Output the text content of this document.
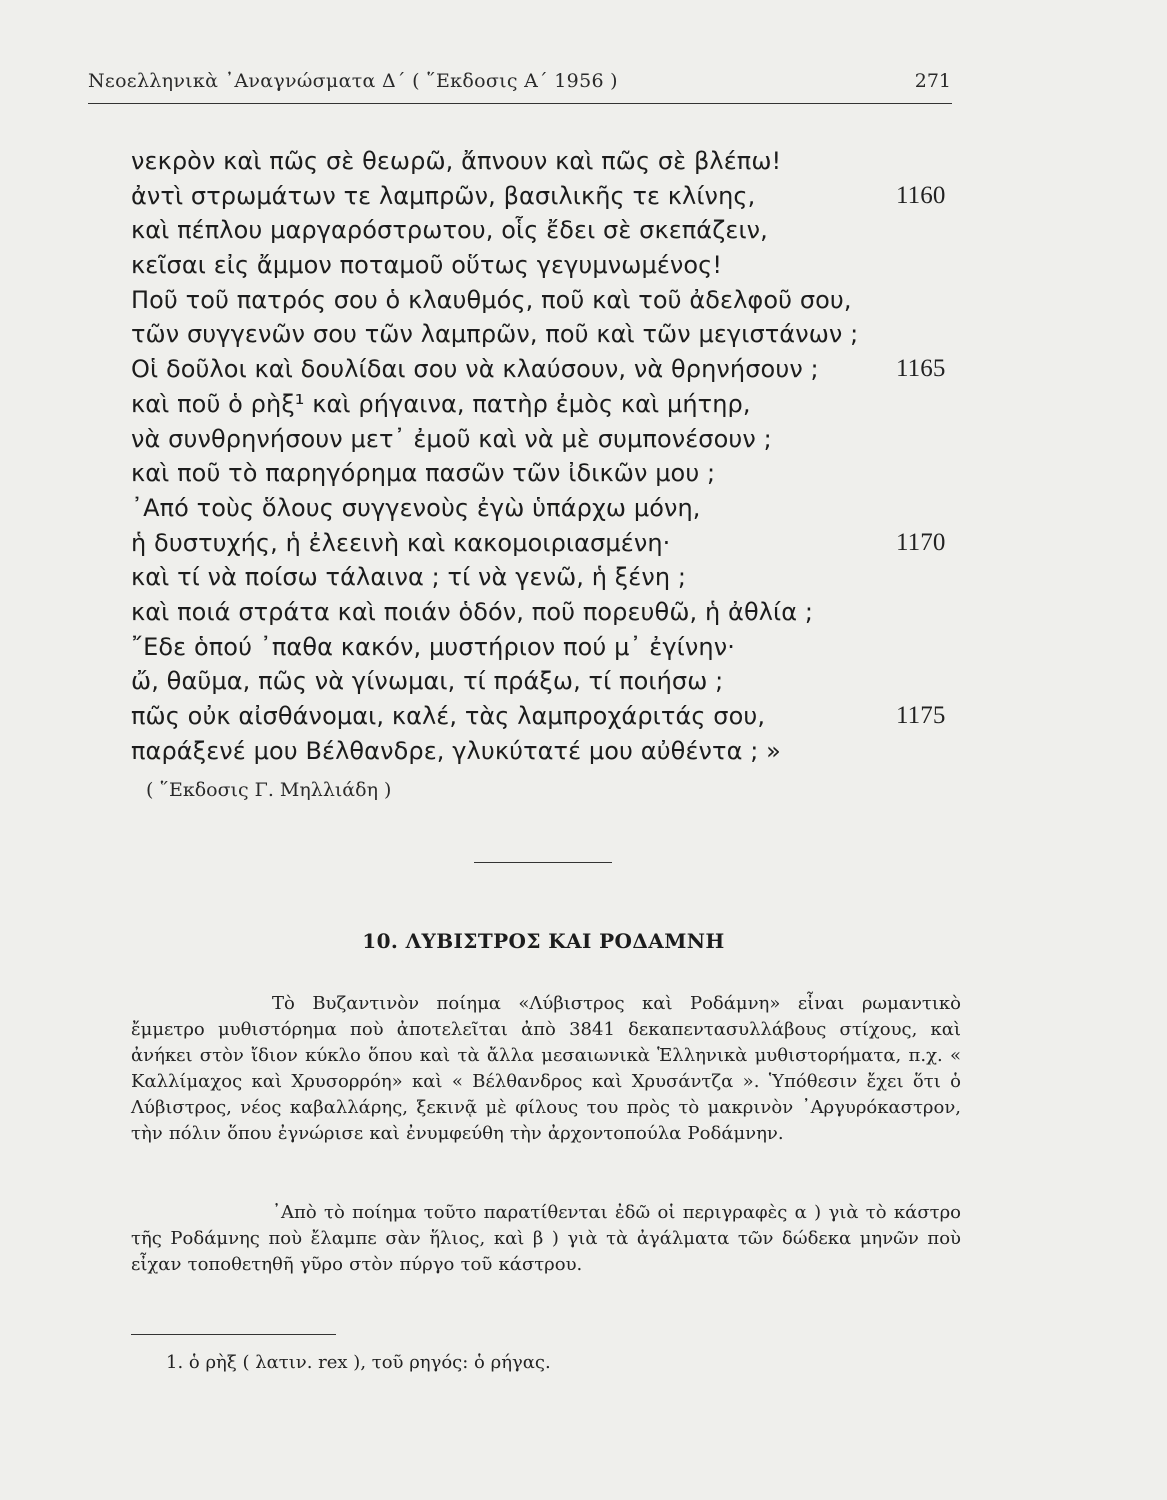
Νεοελληνικὰ ᾿Αναγνώσματα Δ΄ ( ῞Εκδοσις Α΄ 1956 )	271
νεκρὸν καὶ πῶς σὲ θεωρῶ, ἄπνουν καὶ πῶς σὲ βλέπω!
ἀντὶ στρωμάτων τε λαμπρῶν, βασιλικῆς τε κλίνης,	1160
καὶ πέπλου μαργαρόστρωτου, οἷς ἔδει σὲ σκεπάζειν,
κεῖσαι εἰς ἄμμον ποταμοῦ οὕτως γεγυμνωμένος!
Ποῦ τοῦ πατρός σου ὁ κλαυθμός, ποῦ καὶ τοῦ ἀδελφοῦ σου,
τῶν συγγενῶν σου τῶν λαμπρῶν, ποῦ καὶ τῶν μεγιστάνων ;
Οἱ δοῦλοι καὶ δουλίδαι σου νὰ κλαύσουν, νὰ θρηνήσουν ;	1165
καὶ ποῦ ὁ ρὴξ¹ καὶ ρήγαινα, πατὴρ ἐμὸς καὶ μήτηρ,
νὰ συνθρηνήσουν μετ᾿ ἐμοῦ καὶ νὰ μὲ συμπονέσουν ;
καὶ ποῦ τὸ παρηγόρημα πασῶν τῶν ἰδικῶν μου ;
᾿Από τοὺς ὅλους συγγενοὺς ἐγὼ ὑπάρχω μόνη,
ἡ δυστυχής, ἡ ἐλεεινὴ καὶ κακομοιριασμένη·	1170
καὶ τί νὰ ποίσω τάλαινα ; τί νὰ γενῶ, ἡ ξένη ;
καὶ ποιά στράτα καὶ ποιάν ὁδόν, ποῦ πορευθῶ, ἡ ἀθλία ;
῎Εδε ὁπού ᾿παθα κακόν, μυστήριον πού μ᾿ ἐγίνην·
ὤ, θαῦμα, πῶς νὰ γίνωμαι, τί πράξω, τί ποιήσω ;
πῶς οὐκ αἰσθάνομαι, καλέ, τὰς λαμπροχάριτάς σου,	1175
παράξενέ μου Βέλθανδρε, γλυκύτατέ μου αὐθέντα ; »
( ῞Εκδοσις Γ. Μηλλιάδη )
10. ΛΥΒΙΣΤΡΟΣ ΚΑΙ ΡΟΔΑΜΝΗ

Τὸ Βυζαντινὸν ποίημα «Λύβιστρος καὶ Ροδάμνη» εἶναι ρωμαντικὸ ἔμμετρο μυθιστόρημα ποὺ ἀποτελεῖται ἀπὸ 3841 δεκαπεντασυλλάβους στίχους, καὶ ἀνήκει στὸν ἴδιον κύκλο ὅπου καὶ τὰ ἄλλα μεσαιωνικὰ Ἑλληνικὰ μυθιστορήματα, π.χ. « Καλλίμαχος καὶ Χρυσορρόη» καὶ « Βέλθανδρος καὶ Χρυσάντζα ». Ὑπόθεσιν ἔχει ὅτι ὁ Λύβιστρος, νέος καβαλλάρης, ξεκινᾷ μὲ φίλους του πρὸς τὸ μακρινὸν ᾿Αργυρόκαστρον, τὴν πόλιν ὅπου ἐγνώρισε καὶ ἐνυμφεύθη τὴν ἀρχοντοπούλα Ροδάμνην.

᾿Απὸ τὸ ποίημα τοῦτο παρατίθενται ἐδῶ οἱ περιγραφὲς α ) γιὰ τὸ κάστρο τῆς Ροδάμνης ποὺ ἔλαμπε σὰν ἥλιος, καὶ β ) γιὰ τὰ ἀγάλματα τῶν δώδεκα μηνῶν ποὺ εἶχαν τοποθετηθῆ γῦρο στὸν πύργο τοῦ κάστρου.

1. ὁ ρὴξ ( λατιν. rex ), τοῦ ρηγός: ὁ ρήγας.
